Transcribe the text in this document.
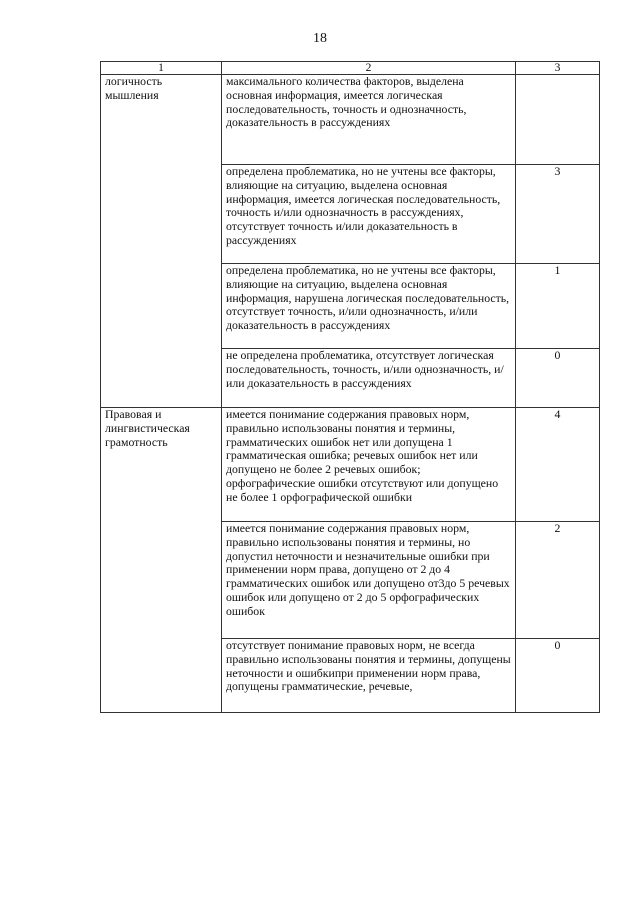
18
1	2	3
логичность мышления	максимального количества факторов, выделена основная информация, имеется логическая последовательность, точность и однозначность, доказательность в рассуждениях	
	определена проблематика, но не учтены все факторы, влияющие на ситуацию, выделена основная информация, имеется логическая последовательность, точность и/или однозначность в рассуждениях, отсутствует точность и/или доказательность в рассуждениях	3
	определена проблематика, но не учтены все факторы, влияющие на ситуацию, выделена основная информация, нарушена логическая последовательность, отсутствует точность, и/или однозначность, и/или доказательность в рассуждениях	1
	не определена проблематика, отсутствует логическая последовательность, точность, и/или однозначность, и/или доказательность в рассуждениях	0
Правовая и лингвистическая грамотность	имеется понимание содержания правовых норм, правильно использованы понятия и термины, грамматических ошибок нет или допущена 1 грамматическая ошибка; речевых ошибок нет или допущено не более 2 речевых ошибок; орфографические ошибки отсутствуют или допущено не более 1 орфографической ошибки	4
	имеется понимание содержания правовых норм, правильно использованы понятия и термины, но допустил неточности и незначительные ошибки при применении норм права, допущено от 2 до 4 грамматических ошибок или допущено от3до 5 речевых ошибок или допущено от 2 до 5 орфографических ошибок	2
	отсутствует понимание правовых норм, не всегда правильно использованы понятия и термины, допущены неточности и ошибкипри применении норм права, допущены грамматические, речевые,	0
